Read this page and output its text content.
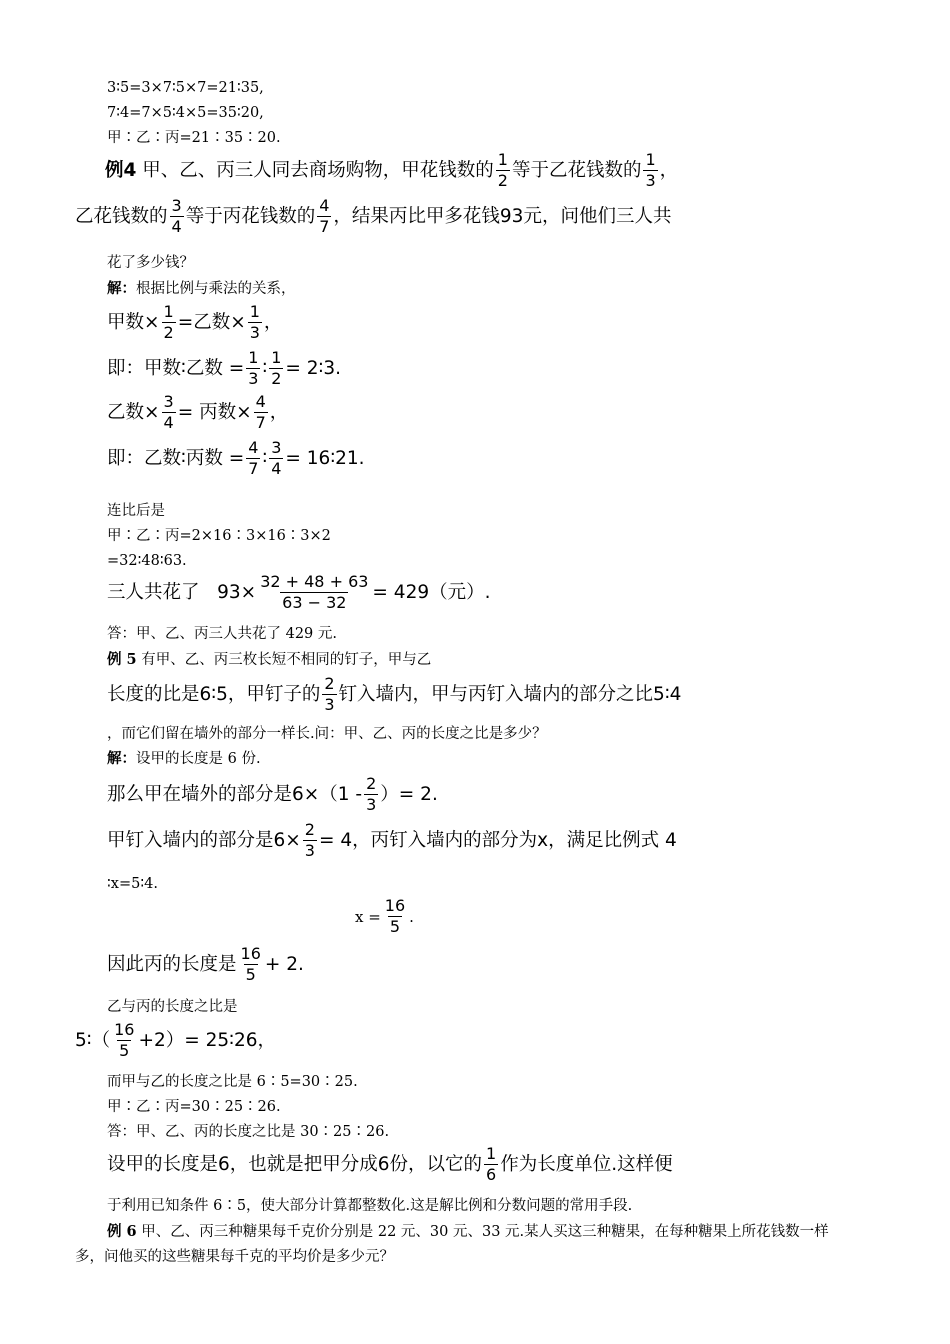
3∶5=3×7∶5×7=21∶35,
7∶4=7×5∶4×5=35∶20,
甲∶乙∶丙=21∶35∶20.
例4
甲、乙、丙三人同去商场购物，甲花钱数的 $\frac{1}{2}$ 等于乙花钱数的 $\frac{1}{3}$ ，
乙花钱数的 $\frac{3}{4}$ 等于丙花钱数的 $\frac{4}{7}$ ，结果丙比甲多花钱93元，问他们三人共
花了多少钱？
解：根据比例与乘法的关系，
甲数× $\frac{1}{2}$ =乙数× $\frac{1}{3}$ ，
即：甲数∶乙数 = $\frac{1}{3}$ ∶ $\frac{1}{2}$ = 2∶3.
乙数× $\frac{3}{4}$ = 丙数× $\frac{4}{7}$ ，
即：乙数∶丙数 = $\frac{4}{7}$ ∶ $\frac{3}{4}$ = 16∶21.
连比后是
甲∶乙∶丙=2×16∶3×16∶3×2
=32∶48∶63.
三人共花了   $93\times \frac{32 + 48 + 63}{63 - 32} = 429$（元）.
答：甲、乙、丙三人共花了 429 元.
例 5 有甲、乙、丙三枚长短不相同的钉子，甲与乙
长度的比是6∶5，甲钉子的 $\frac{2}{3}$ 钉入墙内，甲与丙钉入墙内的部分之比5∶4
，而它们留在墙外的部分一样长.问：甲、乙、丙的长度之比是多少？
解：设甲的长度是 6 份.
那么甲在墙外的部分是$6\times(1 - \frac{2}{3}$ ）= 2.
甲钉入墙内的部分是$6\times \frac{2}{3} = 4$，丙钉入墙内的部分为x，满足比例式 4
∶x=5∶4.
$x = \frac{16}{5}$ .
因此丙的长度是 $\frac{16}{5} + 2$.
乙与丙的长度之比是
5∶（ $\frac{16}{5} +2)=$ 25∶26，
而甲与乙的长度之比是 6∶5=30∶25.
甲∶乙∶丙=30∶25∶26.
答：甲、乙、丙的长度之比是 30∶25∶26.
设甲的长度是6，也就是把甲分成6份，以它的 $\frac{1}{6}$ 作为长度单位.这样便
于利用已知条件 6∶5，使大部分计算都整数化.这是解比例和分数问题的常用手段.
例 6 甲、乙、丙三种糖果每千克价分别是 22 元、30 元、33 元.某人买这三种糖果，在每种糖果上所花钱数一样
多，问他买的这些糖果每千克的平均价是多少元？
